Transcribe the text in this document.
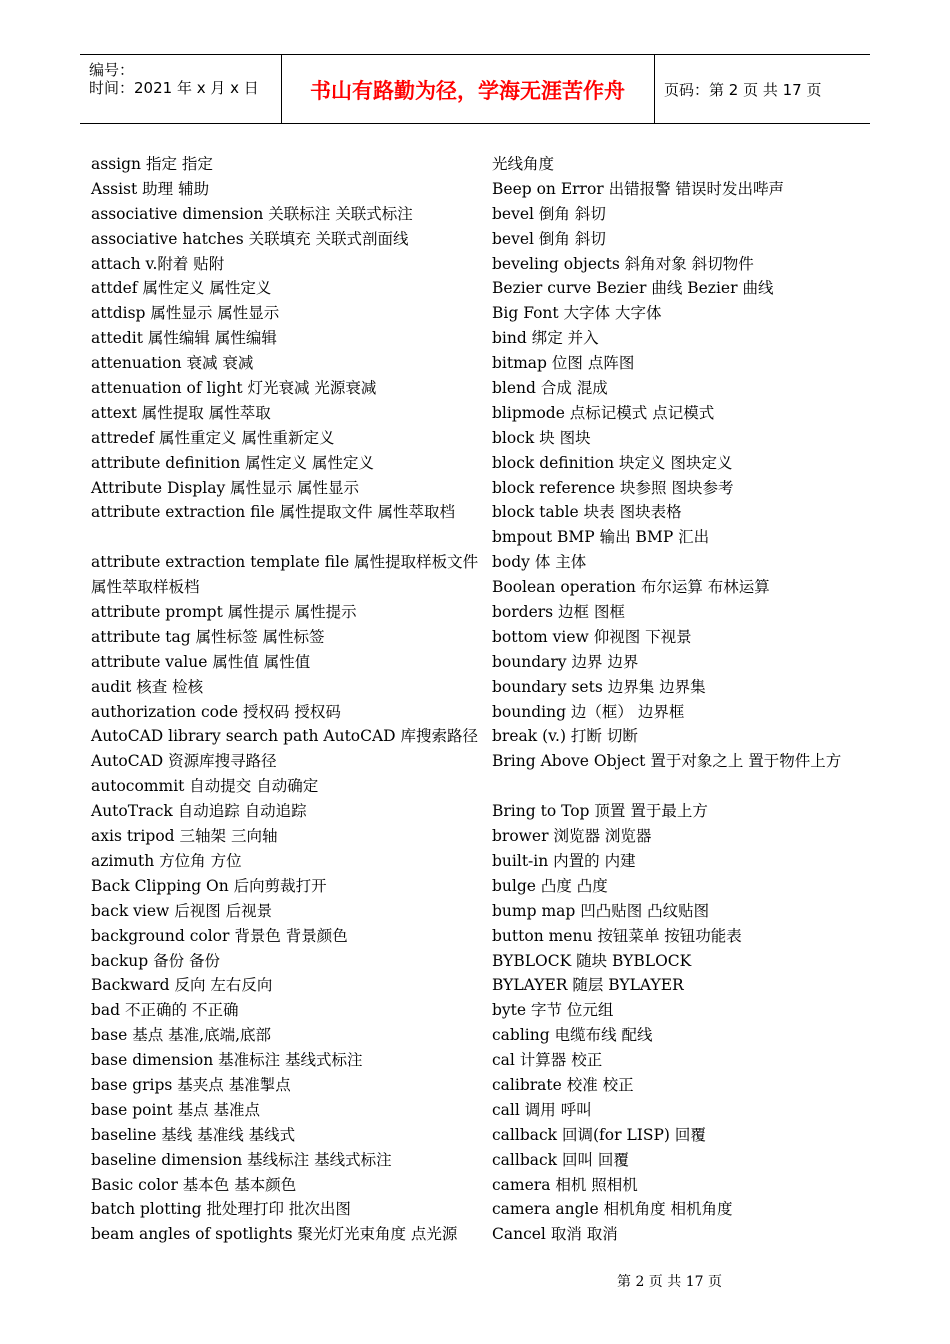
编号：
时间：2021 年 x 月 x 日	书山有路勤为径，学海无涯苦作舟	页码：第 2 页 共 17 页
assign 指定 指定
Assist 助理 辅助
associative dimension 关联标注 关联式标注
associative hatches 关联填充 关联式剖面线
attach v.附着 贴附
attdef 属性定义 属性定义
attdisp 属性显示 属性显示
attedit 属性编辑 属性编辑
attenuation 衰减 衰减
attenuation of light 灯光衰减 光源衰减
attext 属性提取 属性萃取
attredef 属性重定义 属性重新定义
attribute definition 属性定义 属性定义
Attribute Display 属性显示 属性显示
attribute extraction file 属性提取文件 属性萃取档
attribute extraction template file 属性提取样板文件
属性萃取样板档
attribute prompt 属性提示 属性提示
attribute tag 属性标签 属性标签
attribute value 属性值 属性值
audit 核查 检核
authorization code 授权码 授权码
AutoCAD library search path AutoCAD 库搜索路径
AutoCAD 资源库搜寻路径
autocommit 自动提交 自动确定
AutoTrack 自动追踪 自动追踪
axis tripod 三轴架 三向轴
azimuth 方位角 方位
Back Clipping On 后向剪裁打开
back view 后视图 后视景
background color 背景色 背景颜色
backup 备份 备份
Backward 反向 左右反向
bad 不正确的 不正确
base 基点 基准,底端,底部
base dimension 基准标注 基线式标注
base grips 基夹点 基准掣点
base point 基点 基准点
baseline 基线 基准线 基线式
baseline dimension 基线标注 基线式标注
Basic color 基本色 基本颜色
batch plotting 批处理打印 批次出图
beam angles of spotlights 聚光灯光束角度 点光源
光线角度
Beep on Error 出错报警 错误时发出哔声
bevel 倒角 斜切
bevel 倒角 斜切
beveling objects 斜角对象 斜切物件
Bezier curve Bezier 曲线 Bezier 曲线
Big Font 大字体 大字体
bind 绑定 并入
bitmap 位图 点阵图
blend 合成 混成
blipmode 点标记模式 点记模式
block 块 图块
block definition 块定义 图块定义
block reference 块参照 图块参考
block table 块表 图块表格
bmpout BMP 输出 BMP 汇出
body 体 主体
Boolean operation 布尔运算 布林运算
borders 边框 图框
bottom view 仰视图 下视景
boundary 边界 边界
boundary sets 边界集 边界集
bounding 边（框） 边界框
break (v.) 打断 切断
Bring Above Object 置于对象之上 置于物件上方
Bring to Top 顶置 置于最上方
brower 浏览器 浏览器
built-in 内置的 内建
bulge 凸度 凸度
bump map 凹凸贴图 凸纹贴图
button menu 按钮菜单 按钮功能表
BYBLOCK 随块 BYBLOCK
BYLAYER 随层 BYLAYER
byte 字节 位元组
cabling 电缆布线 配线
cal 计算器 校正
calibrate 校准 校正
call 调用 呼叫
callback 回调(for LISP) 回覆
callback 回叫 回覆
camera 相机 照相机
camera angle 相机角度 相机角度
Cancel 取消 取消
第 2 页 共 17 页
